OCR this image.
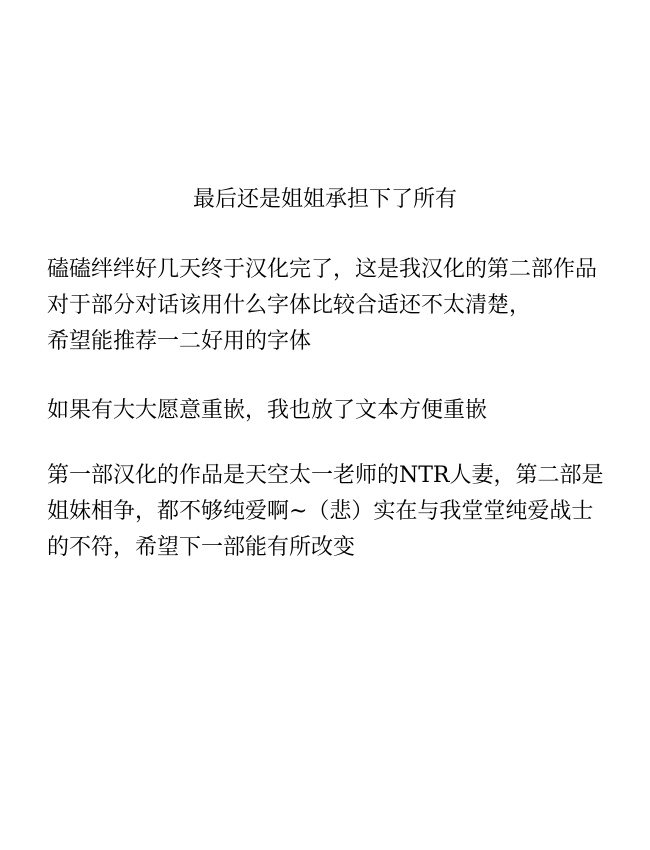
最后还是姐姐承担下了所有
磕磕绊绊好几天终于汉化完了，这是我汉化的第二部作品
对于部分对话该用什么字体比较合适还不太清楚，
希望能推荐一二好用的字体
如果有大大愿意重嵌，我也放了文本方便重嵌
第一部汉化的作品是天空太一老师的NTR人妻，第二部是
姐妹相争，都不够纯爱啊~（悲）实在与我堂堂纯爱战士
的不符，希望下一部能有所改变
